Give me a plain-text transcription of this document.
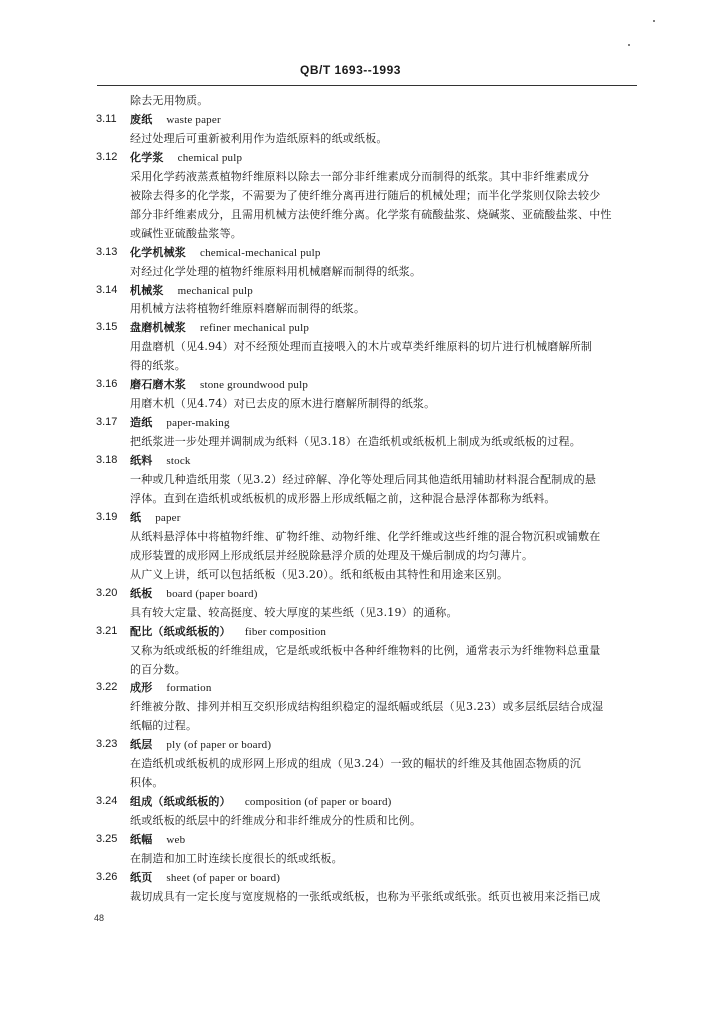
QB/T 1693--1993
除去无用物质。
3.11	废纸 waste paper
经过处理后可重新被利用作为造纸原料的纸或纸板。
3.12	化学浆 chemical pulp
采用化学药液蒸煮植物纤维原料以除去一部分非纤维素成分而制得的纸浆。其中非纤维素成分
被除去得多的化学浆，不需要为了使纤维分离再进行随后的机械处理；而半化学浆则仅除去较少
部分非纤维素成分，且需用机械方法使纤维分离。化学浆有硫酸盐浆、烧碱浆、亚硫酸盐浆、中性
或碱性亚硫酸盐浆等。
3.13	化学机械浆 chemical-mechanical pulp
对经过化学处理的植物纤维原料用机械磨解而制得的纸浆。
3.14	机械浆 mechanical pulp
用机械方法将植物纤维原料磨解而制得的纸浆。
3.15	盘磨机械浆 refiner mechanical pulp
用盘磨机（见4.94）对不经预处理而直接喂入的木片或草类纤维原料的切片进行机械磨解所制
得的纸浆。
3.16	磨石磨木浆 stone groundwood pulp
用磨木机（见4.74）对已去皮的原木进行磨解所制得的纸浆。
3.17	造纸 paper-making
把纸浆进一步处理并调制成为纸料（见3.18）在造纸机或纸板机上制成为纸或纸板的过程。
3.18	纸料 stock
一种或几种造纸用浆（见3.2）经过碎解、净化等处理后同其他造纸用辅助材料混合配制成的悬
浮体。直到在造纸机或纸板机的成形器上形成纸幅之前，这种混合悬浮体都称为纸料。
3.19	纸 paper
从纸料悬浮体中将植物纤维、矿物纤维、动物纤维、化学纤维或这些纤维的混合物沉积或铺敷在
成形装置的成形网上形成纸层并经脱除悬浮介质的处理及干燥后制成的均匀薄片。
从广义上讲，纸可以包括纸板（见3.20）。纸和纸板由其特性和用途来区别。
3.20	纸板 board (paper board)
具有较大定量、较高挺度、较大厚度的某些纸（见3.19）的通称。
3.21	配比（纸或纸板的） fiber composition
又称为纸或纸板的纤维组成，它是纸或纸板中各种纤维物料的比例，通常表示为纤维物料总重量
的百分数。
3.22	成形 formation
纤维被分散、排列并相互交织形成结构组织稳定的湿纸幅或纸层（见3.23）或多层纸层结合成湿
纸幅的过程。
3.23	纸层 ply (of paper or board)
在造纸机或纸板机的成形网上形成的组成（见3.24）一致的幅状的纤维及其他固态物质的沉
积体。
3.24	组成（纸或纸板的） composition (of paper or board)
纸或纸板的纸层中的纤维成分和非纤维成分的性质和比例。
3.25	纸幅 web
在制造和加工时连续长度很长的纸或纸板。
3.26	纸页 sheet (of paper or board)
裁切成具有一定长度与宽度规格的一张纸或纸板，也称为平张纸或纸张。纸页也被用来泛指已成
48
